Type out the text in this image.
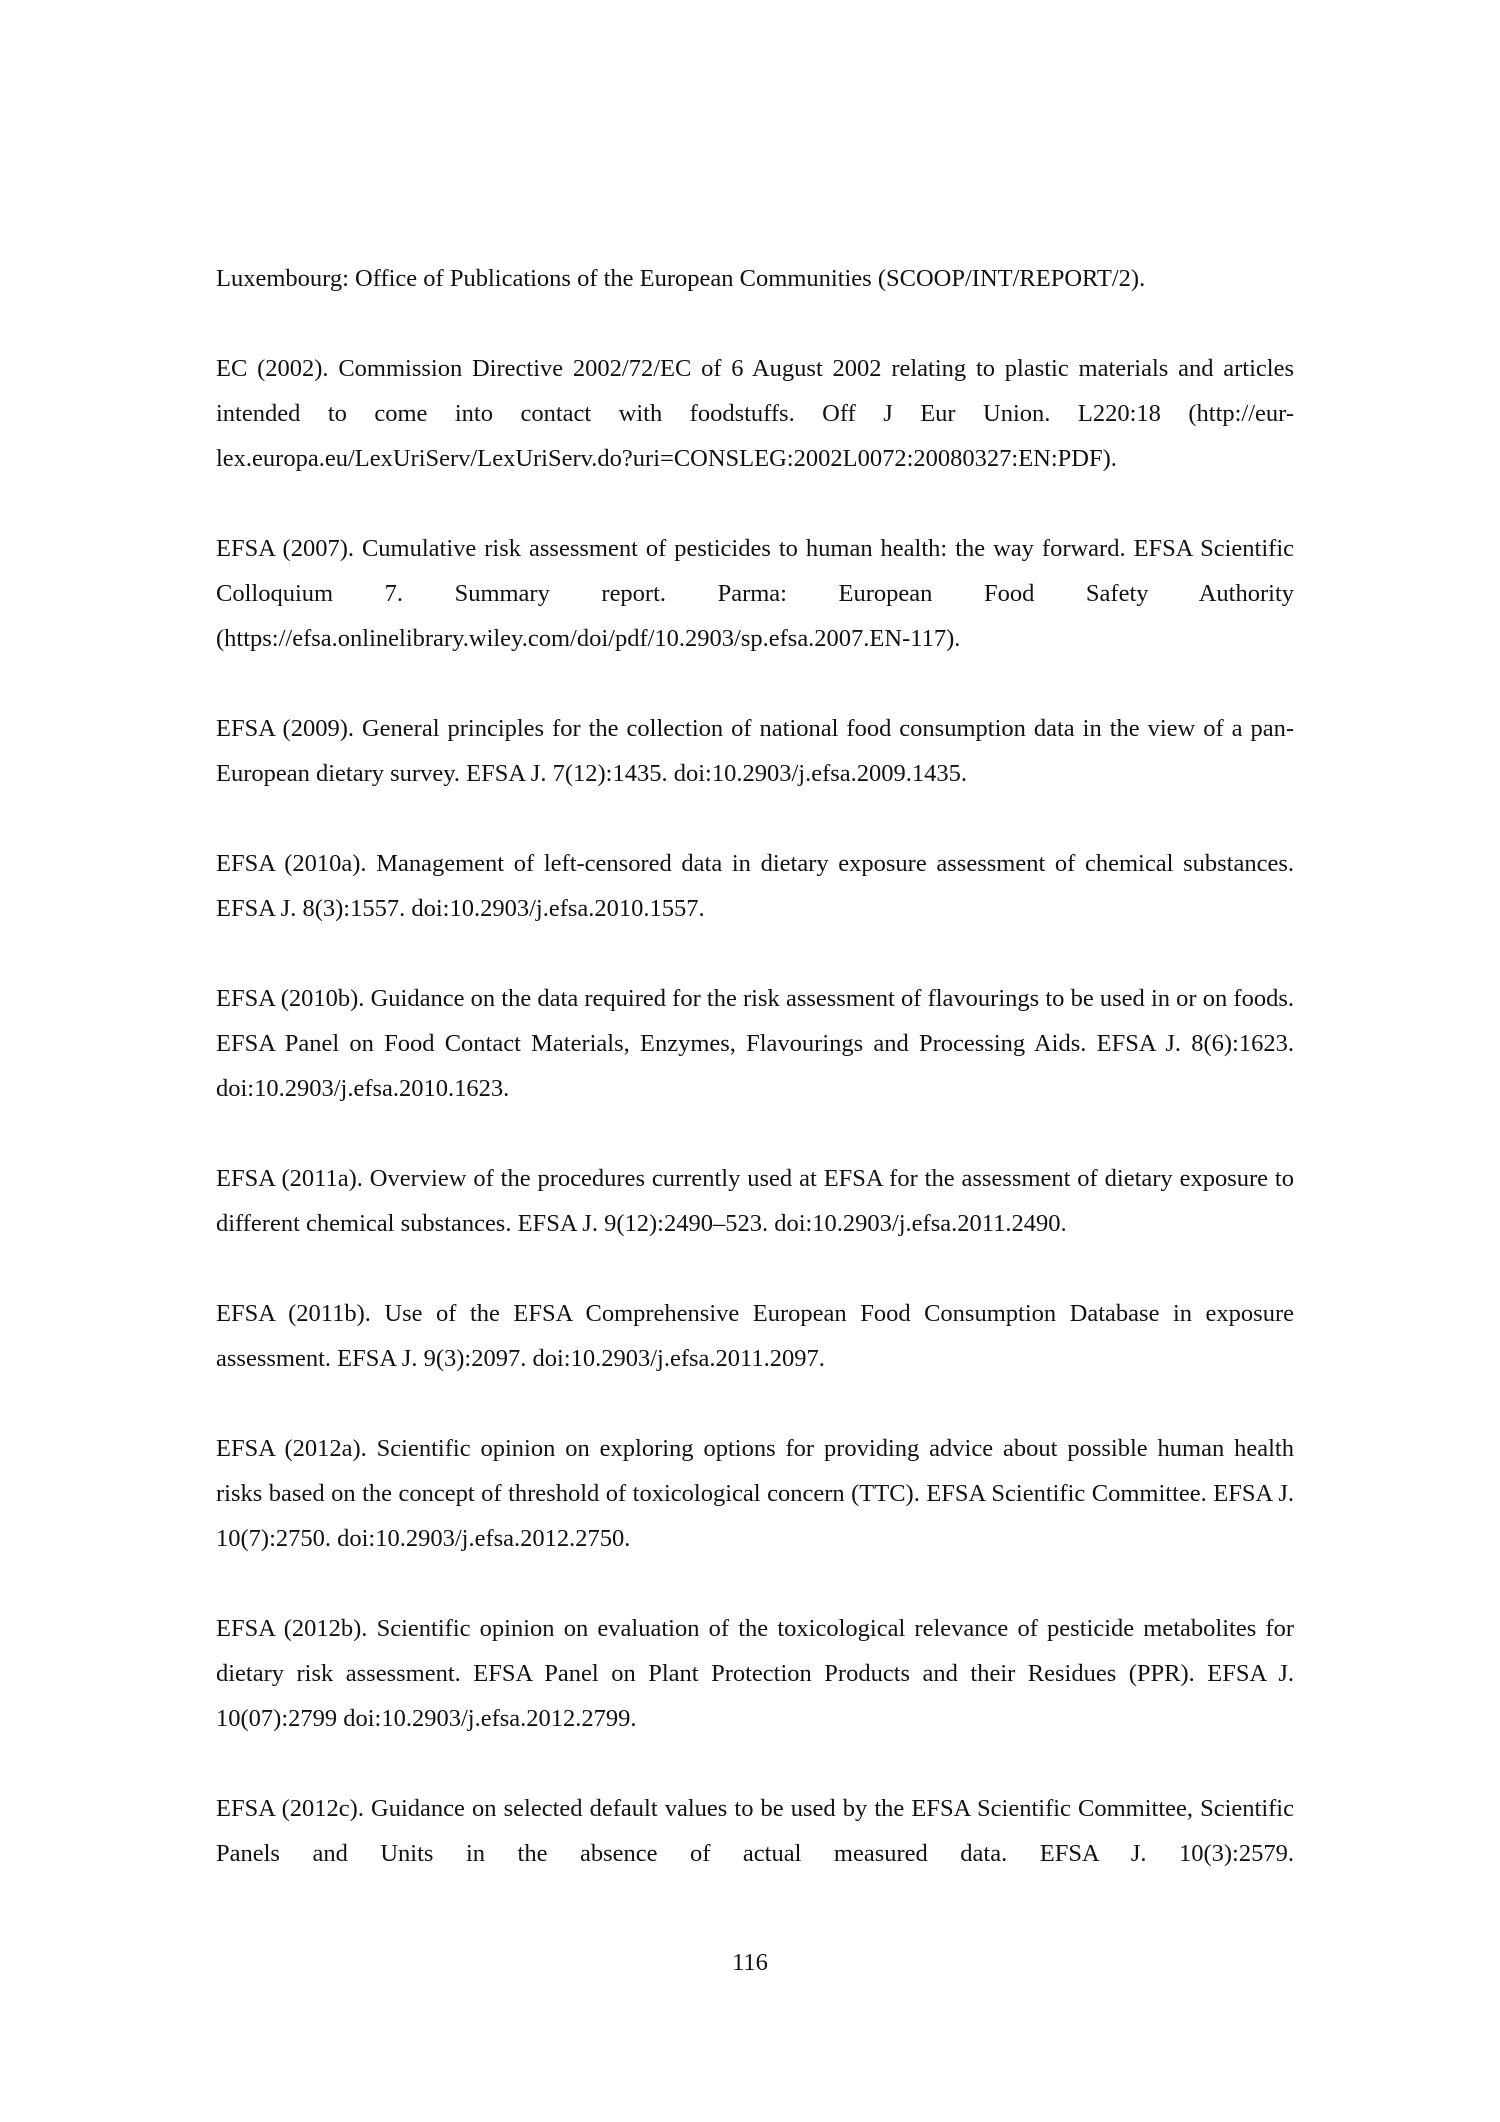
Luxembourg: Office of Publications of the European Communities (SCOOP/INT/REPORT/2).
EC (2002). Commission Directive 2002/72/EC of 6 August 2002 relating to plastic materials and articles intended to come into contact with foodstuffs. Off J Eur Union. L220:18 (http://eur-lex.europa.eu/LexUriServ/LexUriServ.do?uri=CONSLEG:2002L0072:20080327:EN:PDF).
EFSA (2007). Cumulative risk assessment of pesticides to human health: the way forward. EFSA Scientific Colloquium 7. Summary report. Parma: European Food Safety Authority (https://efsa.onlinelibrary.wiley.com/doi/pdf/10.2903/sp.efsa.2007.EN-117).
EFSA (2009). General principles for the collection of national food consumption data in the view of a pan-European dietary survey. EFSA J. 7(12):1435. doi:10.2903/j.efsa.2009.1435.
EFSA (2010a). Management of left‐censored data in dietary exposure assessment of chemical substances. EFSA J. 8(3):1557. doi:10.2903/j.efsa.2010.1557.
EFSA (2010b). Guidance on the data required for the risk assessment of flavourings to be used in or on foods. EFSA Panel on Food Contact Materials, Enzymes, Flavourings and Processing Aids. EFSA J. 8(6):1623. doi:10.2903/j.efsa.2010.1623.
EFSA (2011a). Overview of the procedures currently used at EFSA for the assessment of dietary exposure to different chemical substances. EFSA J. 9(12):2490–523. doi:10.2903/j.efsa.2011.2490.
EFSA (2011b). Use of the EFSA Comprehensive European Food Consumption Database in exposure assessment. EFSA J. 9(3):2097. doi:10.2903/j.efsa.2011.2097.
EFSA (2012a). Scientific opinion on exploring options for providing advice about possible human health risks based on the concept of threshold of toxicological concern (TTC). EFSA Scientific Committee. EFSA J. 10(7):2750. doi:10.2903/j.efsa.2012.2750.
EFSA (2012b). Scientific opinion on evaluation of the toxicological relevance of pesticide metabolites for dietary risk assessment. EFSA Panel on Plant Protection Products and their Residues (PPR). EFSA J. 10(07):2799 doi:10.2903/j.efsa.2012.2799.
EFSA (2012c). Guidance on selected default values to be used by the EFSA Scientific Committee, Scientific Panels and Units in the absence of actual measured data. EFSA J. 10(3):2579.
116
